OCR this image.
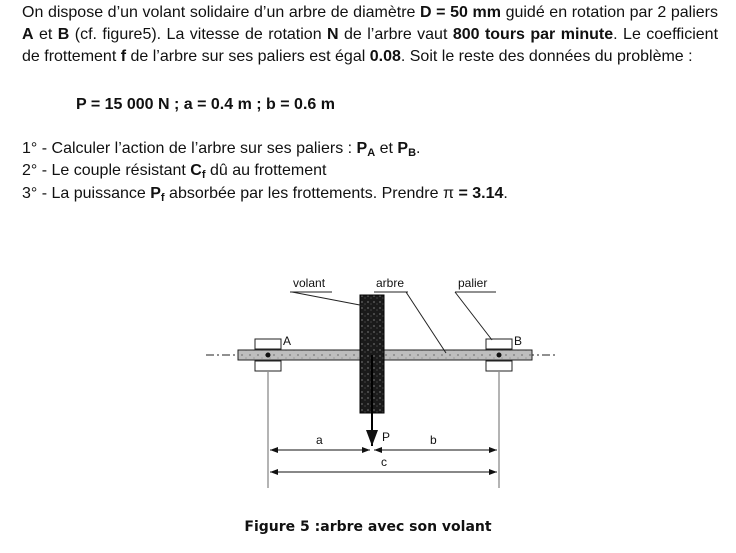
On dispose d’un volant solidaire d’un arbre de diamètre D = 50 mm guidé en rotation par 2 paliers A et B (cf. figure5). La vitesse de rotation N de l’arbre vaut 800 tours par minute. Le coefficient de frottement f de l’arbre sur ses paliers est égal 0.08. Soit le reste des données du problème :
P = 15 000 N ; a = 0.4 m ; b = 0.6 m
1° - Calculer l’action de l’arbre sur ses paliers : $P_A$ et $P_B$.
2° - Le couple résistant $C_f$ dû au frottement
3° - La puissance $P_f$ absorbée par les frottements. Prendre π = 3.14.
volant	arbre	palier
A	B
P
a	b
c
Figure 5 :arbre avec son volant
